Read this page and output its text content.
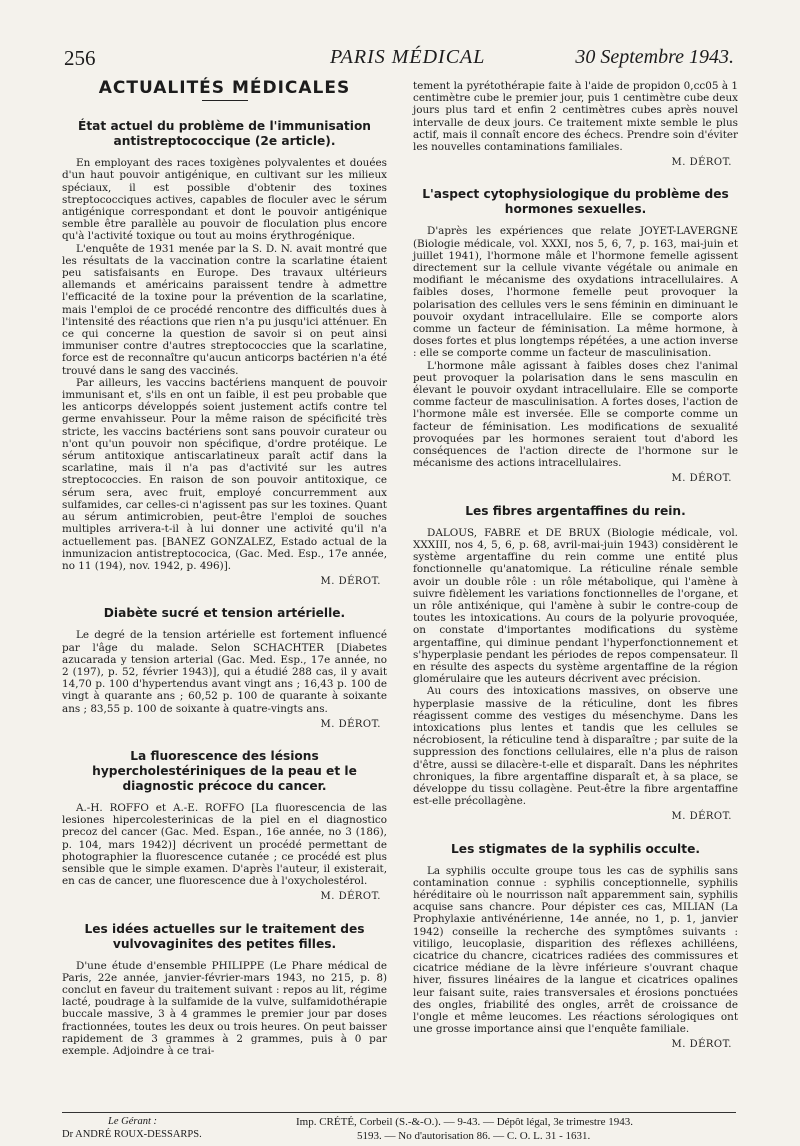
256	PARIS MÉDICAL	30 Septembre 1943.
ACTUALITÉS MÉDICALES
État actuel du problème de l'immunisation antistreptococcique (2e article).

En employant des races toxigènes polyvalentes et douées d'un haut pouvoir antigénique, en cultivant sur les milieux spéciaux, il est possible d'obtenir des toxines streptococciques actives, capables de floculer avec le sérum antigénique correspondant et dont le pouvoir antigénique semble être parallèle au pouvoir de floculation plus encore qu'à l'activité toxique ou tout au moins érythrogénique.

L'enquête de 1931 menée par la S. D. N. avait montré que les résultats de la vaccination contre la scarlatine étaient peu satisfaisants en Europe. Des travaux ultérieurs allemands et américains paraissent tendre à admettre l'efficacité de la toxine pour la prévention de la scarlatine, mais l'emploi de ce procédé rencontre des difficultés dues à l'intensité des réactions que rien n'a pu jusqu'ici atténuer. En ce qui concerne la question de savoir si on peut ainsi immuniser contre d'autres streptococcies que la scarlatine, force est de reconnaître qu'aucun anticorps bactérien n'a été trouvé dans le sang des vaccinés.

Par ailleurs, les vaccins bactériens manquent de pouvoir immunisant et, s'ils en ont un faible, il est peu probable que les anticorps développés soient justement actifs contre tel germe envahisseur. Pour la même raison de spécificité très stricte, les vaccins bactériens sont sans pouvoir curateur ou n'ont qu'un pouvoir non spécifique, d'ordre protéique. Le sérum antitoxique antiscarlatineux paraît actif dans la scarlatine, mais il n'a pas d'activité sur les autres streptococcies. En raison de son pouvoir antitoxique, ce sérum sera, avec fruit, employé concurremment aux sulfamides, car celles-ci n'agissent pas sur les toxines. Quant au sérum antimicrobien, peut-être l'emploi de souches multiples arrivera-t-il à lui donner une activité qu'il n'a actuellement pas. [BANEZ GONZALEZ, Estado actual de la inmunizacion antistreptococica, (Gac. Med. Esp., 17e année, no 11 (194), nov. 1942, p. 496)].

M. DÉROT.
Diabète sucré et tension artérielle.

Le degré de la tension artérielle est fortement influencé par l'âge du malade. Selon SCHACHTER [Diabetes azucarada y tension arterial (Gac. Med. Esp., 17e année, no 2 (197), p. 52, février 1943)], qui a étudié 288 cas, il y avait 14,70 p. 100 d'hypertendus avant vingt ans ; 16,43 p. 100 de vingt à quarante ans ; 60,52 p. 100 de quarante à soixante ans ; 83,55 p. 100 de soixante à quatre-vingts ans.

M. DÉROT.
La fluorescence des lésions hypercholestériniques de la peau et le diagnostic précoce du cancer.

A.-H. ROFFO et A.-E. ROFFO [La fluorescencia de las lesiones hipercolesterinicas de la piel en el diagnostico precoz del cancer (Gac. Med. Espan., 16e année, no 3 (186), p. 104, mars 1942)] décrivent un procédé permettant de photographier la fluorescence cutanée ; ce procédé est plus sensible que le simple examen. D'après l'auteur, il existerait, en cas de cancer, une fluorescence due à l'oxycholestérol.

M. DÉROT.
Les idées actuelles sur le traitement des vulvovaginites des petites filles.

D'une étude d'ensemble PHILIPPE (Le Phare médical de Paris, 22e année, janvier-février-mars 1943, no 215, p. 8) conclut en faveur du traitement suivant : repos au lit, régime lacté, poudrage à la sulfamide de la vulve, sulfamidothérapie buccale massive, 3 à 4 grammes le premier jour par doses fractionnées, toutes les deux ou trois heures. On peut baisser rapidement de 3 grammes à 2 grammes, puis à 0 par exemple. Adjoindre à ce trai-

tement la pyrétothérapie faite à l'aide de propidon 0,cc05 à 1 centimètre cube le premier jour, puis 1 centimètre cube deux jours plus tard et enfin 2 centimètres cubes après nouvel intervalle de deux jours. Ce traitement mixte semble le plus actif, mais il connaît encore des échecs. Prendre soin d'éviter les nouvelles contaminations familiales.

M. DÉROT.
L'aspect cytophysiologique du problème des hormones sexuelles.

D'après les expériences que relate JOYET-LAVERGNE (Biologie médicale, vol. XXXI, nos 5, 6, 7, p. 163, mai-juin et juillet 1941), l'hormone mâle et l'hormone femelle agissent directement sur la cellule vivante végétale ou animale en modifiant le mécanisme des oxydations intracellulaires. A faibles doses, l'hormone femelle peut provoquer la polarisation des cellules vers le sens féminin en diminuant le pouvoir oxydant intracellulaire. Elle se comporte alors comme un facteur de féminisation. La même hormone, à doses fortes et plus longtemps répétées, a une action inverse : elle se comporte comme un facteur de masculinisation.

L'hormone mâle agissant à faibles doses chez l'animal peut provoquer la polarisation dans le sens masculin en élevant le pouvoir oxydant intracellulaire. Elle se comporte comme facteur de masculinisation. A fortes doses, l'action de l'hormone mâle est inversée. Elle se comporte comme un facteur de féminisation. Les modifications de sexualité provoquées par les hormones seraient tout d'abord les conséquences de l'action directe de l'hormone sur le mécanisme des actions intracellulaires.

M. DÉROT.
Les fibres argentaffines du rein.

DALOUS, FABRE et DE BRUX (Biologie médicale, vol. XXXIII, nos 4, 5, 6, p. 68, avril-mai-juin 1943) considèrent le système argentaffine du rein comme une entité plus fonctionnelle qu'anatomique. La réticuline rénale semble avoir un double rôle : un rôle métabolique, qui l'amène à suivre fidèlement les variations fonctionnelles de l'organe, et un rôle antixénique, qui l'amène à subir le contre-coup de toutes les intoxications. Au cours de la polyurie provoquée, on constate d'importantes modifications du système argentaffine, qui diminue pendant l'hyperfonctionnement et s'hyperplasie pendant les périodes de repos compensateur. Il en résulte des aspects du système argentaffine de la région glomérulaire que les auteurs décrivent avec précision.

Au cours des intoxications massives, on observe une hyperplasie massive de la réticuline, dont les fibres réagissent comme des vestiges du mésenchyme. Dans les intoxications plus lentes et tandis que les cellules se nécrobiosent, la réticuline tend à disparaître ; par suite de la suppression des fonctions cellulaires, elle n'a plus de raison d'être, aussi se dilacère-t-elle et disparaît. Dans les néphrites chroniques, la fibre argentaffine disparaît et, à sa place, se développe du tissu collagène. Peut-être la fibre argentaffine est-elle précollagène.

M. DÉROT.
Les stigmates de la syphilis occulte.

La syphilis occulte groupe tous les cas de syphilis sans contamination connue : syphilis conceptionnelle, syphilis héréditaire où le nourrisson naît apparemment sain, syphilis acquise sans chancre. Pour dépister ces cas, MILIAN (La Prophylaxie antivénérienne, 14e année, no 1, p. 1, janvier 1942) conseille la recherche des symptômes suivants : vitiligo, leucoplasie, disparition des réflexes achilléens, cicatrice du chancre, cicatrices radiées des commissures et cicatrice médiane de la lèvre inférieure s'ouvrant chaque hiver, fissures linéaires de la langue et cicatrices opalines leur faisant suite, raies transversales et érosions ponctuées des ongles, friabilité des ongles, arrêt de croissance de l'ongle et même leucomes. Les réactions sérologiques ont une grosse importance ainsi que l'enquête familiale.

M. DÉROT.
Le Gérant :
Dr ANDRÉ ROUX-DESSARPS.
Imp. CRÉTÉ, Corbeil (S.-&-O.). — 9-43. — Dépôt légal, 3e trimestre 1943.
5193. — No d'autorisation 86. — C. O. L. 31 - 1631.
